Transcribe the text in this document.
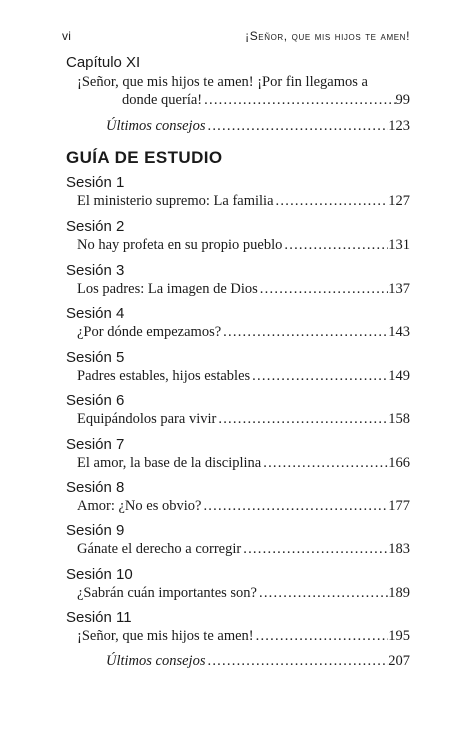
vi	¡Señor, que mis hijos te amen!
Capítulo XI
¡Señor, que mis hijos te amen! ¡Por fin llegamos a
donde quería! . . .	99
Últimos consejos . . .	123
GUÍA DE ESTUDIO
Sesión 1
El ministerio supremo: La familia . . .	127
Sesión 2
No hay profeta en su propio pueblo . . .	131
Sesión 3
Los padres: La imagen de Dios . . .	137
Sesión 4
¿Por dónde empezamos? . . .	143
Sesión 5
Padres estables, hijos estables . . .	149
Sesión 6
Equipándolos para vivir . . .	158
Sesión 7
El amor, la base de la disciplina . . .	166
Sesión 8
Amor: ¿No es obvio? . . .	177
Sesión 9
Gánate el derecho a corregir . . .	183
Sesión 10
¿Sabrán cuán importantes son? . . .	189
Sesión 11
¡Señor, que mis hijos te amen! . . .	195
Últimos consejos . . .	207
